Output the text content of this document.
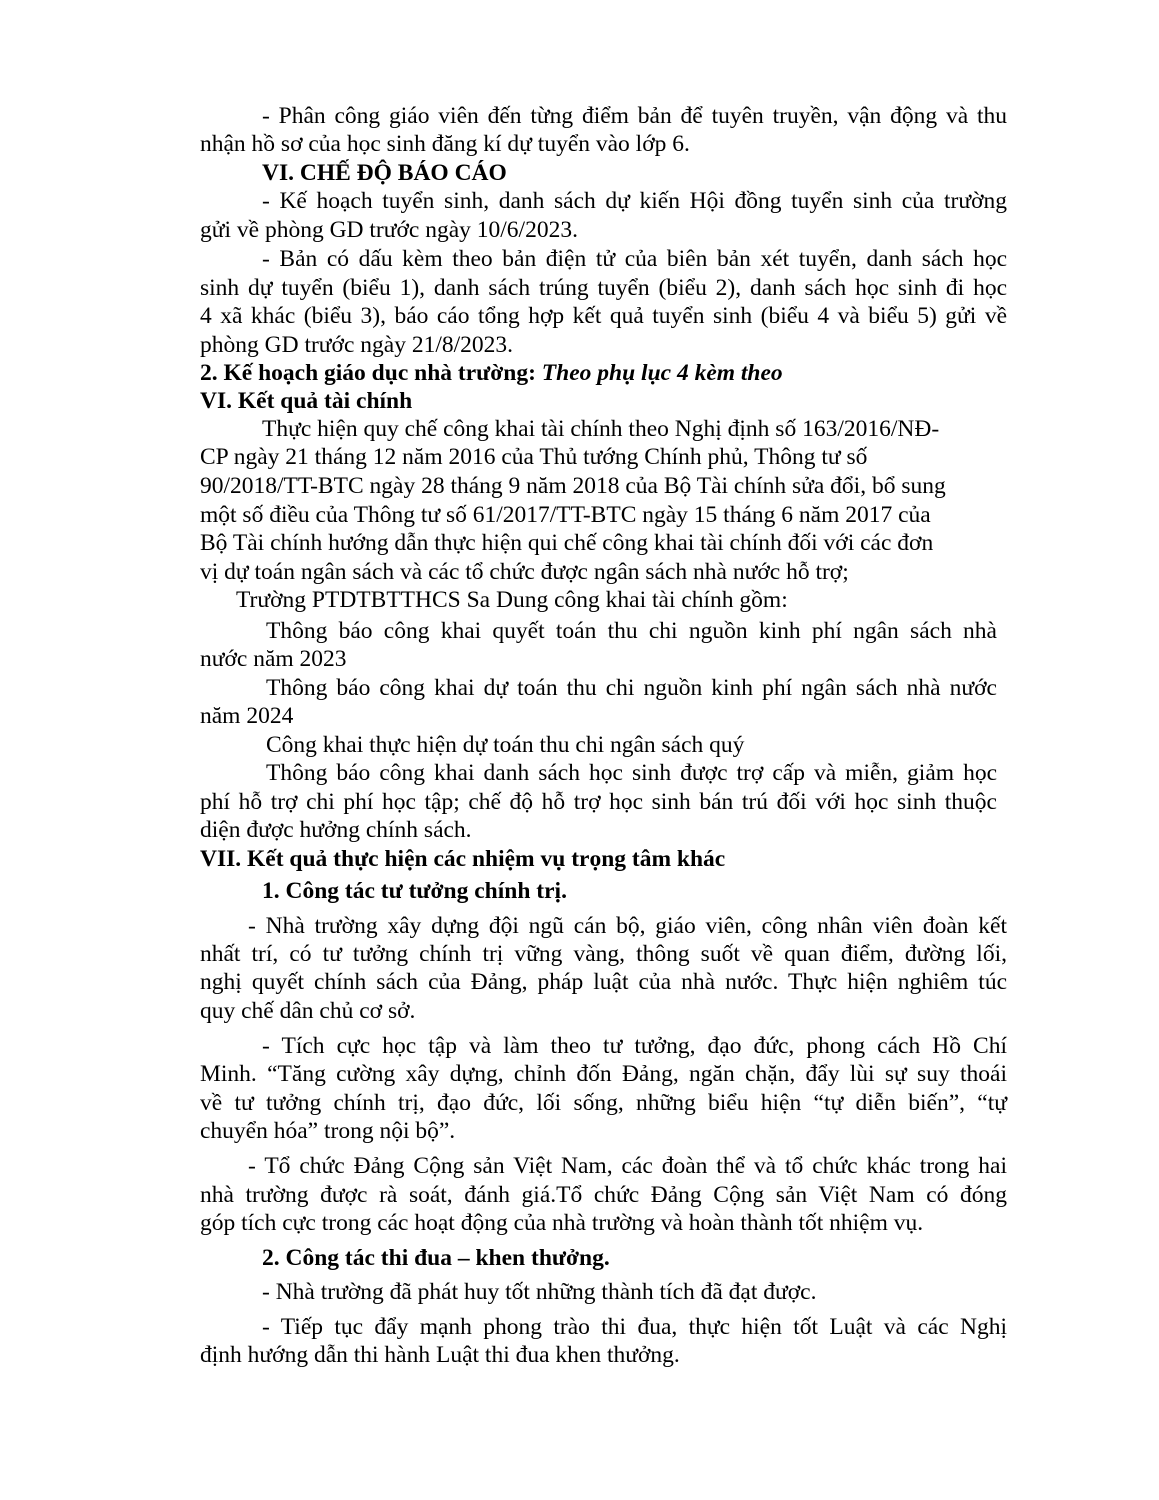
- Phân công giáo viên đến từng điểm bản để tuyên truyền, vận động và thu

nhận hồ sơ của học sinh đăng kí dự tuyển vào lớp 6.

VI. CHẾ ĐỘ BÁO CÁO

- Kế hoạch tuyển sinh, danh sách dự kiến Hội đồng tuyển sinh của trường

gửi về phòng GD trước ngày 10/6/2023.

- Bản có dấu kèm theo bản điện tử của biên bản xét tuyển, danh sách học

sinh dự tuyển (biểu 1), danh sách trúng tuyển (biểu 2), danh sách học sinh đi học

4 xã khác (biểu 3), báo cáo tổng hợp kết quả tuyển sinh (biểu 4 và biểu 5) gửi về

phòng GD trước ngày 21/8/2023.

2. Kế hoạch giáo dục nhà trường: Theo phụ lục 4 kèm theo

VI. Kết quả tài chính

Thực hiện quy chế công khai tài chính theo Nghị định số 163/2016/NĐ-

CP ngày 21 tháng 12 năm 2016 của Thủ tướng Chính phủ, Thông tư số

90/2018/TT-BTC ngày 28 tháng 9 năm 2018 của Bộ Tài chính sửa đổi, bổ sung

một số điều của Thông tư số 61/2017/TT-BTC ngày 15 tháng 6 năm 2017 của

Bộ Tài chính hướng dẫn thực hiện qui chế công khai tài chính đối với các đơn

vị dự toán ngân sách và các tổ chức được ngân sách nhà nước hỗ trợ;

Trường PTDTBTTHCS Sa Dung công khai tài chính gồm:

Thông báo công khai quyết toán thu chi nguồn kinh phí ngân sách nhà

nước năm 2023

Thông báo công khai dự toán thu chi nguồn kinh phí ngân sách nhà nước

năm 2024

Công khai thực hiện dự toán thu chi ngân sách quý

Thông báo công khai danh sách học sinh được trợ cấp và miễn, giảm học

phí hỗ trợ chi phí học tập; chế độ hỗ trợ học sinh bán trú đối với học sinh thuộc

diện được hưởng chính sách.

VII. Kết quả thực hiện các nhiệm vụ trọng tâm khác

1. Công tác tư tưởng chính trị.

- Nhà trường xây dựng đội ngũ cán bộ, giáo viên, công nhân viên đoàn kết

nhất trí, có tư tưởng chính trị vững vàng, thông suốt về quan điểm, đường lối,

nghị quyết chính sách của Đảng, pháp luật của nhà nước. Thực hiện nghiêm túc

quy chế dân chủ cơ sở.

- Tích cực học tập và làm theo tư tưởng, đạo đức, phong cách Hồ Chí

Minh. “Tăng cường xây dựng, chỉnh đốn Đảng, ngăn chặn, đẩy lùi sự suy thoái

về tư tưởng chính trị, đạo đức, lối sống, những biểu hiện “tự diễn biến”, “tự

chuyển hóa” trong nội bộ”.

- Tổ chức Đảng Cộng sản Việt Nam, các đoàn thể và tổ chức khác trong hai

nhà trường được rà soát, đánh giá.Tổ chức Đảng Cộng sản Việt Nam có đóng

góp tích cực trong các hoạt động của nhà trường và hoàn thành tốt nhiệm vụ.

2. Công tác thi đua – khen thưởng.

- Nhà trường đã phát huy tốt những thành tích đã đạt được.

- Tiếp tục đẩy mạnh phong trào thi đua, thực hiện tốt Luật và các Nghị

định hướng dẫn thi hành Luật thi đua khen thưởng.
